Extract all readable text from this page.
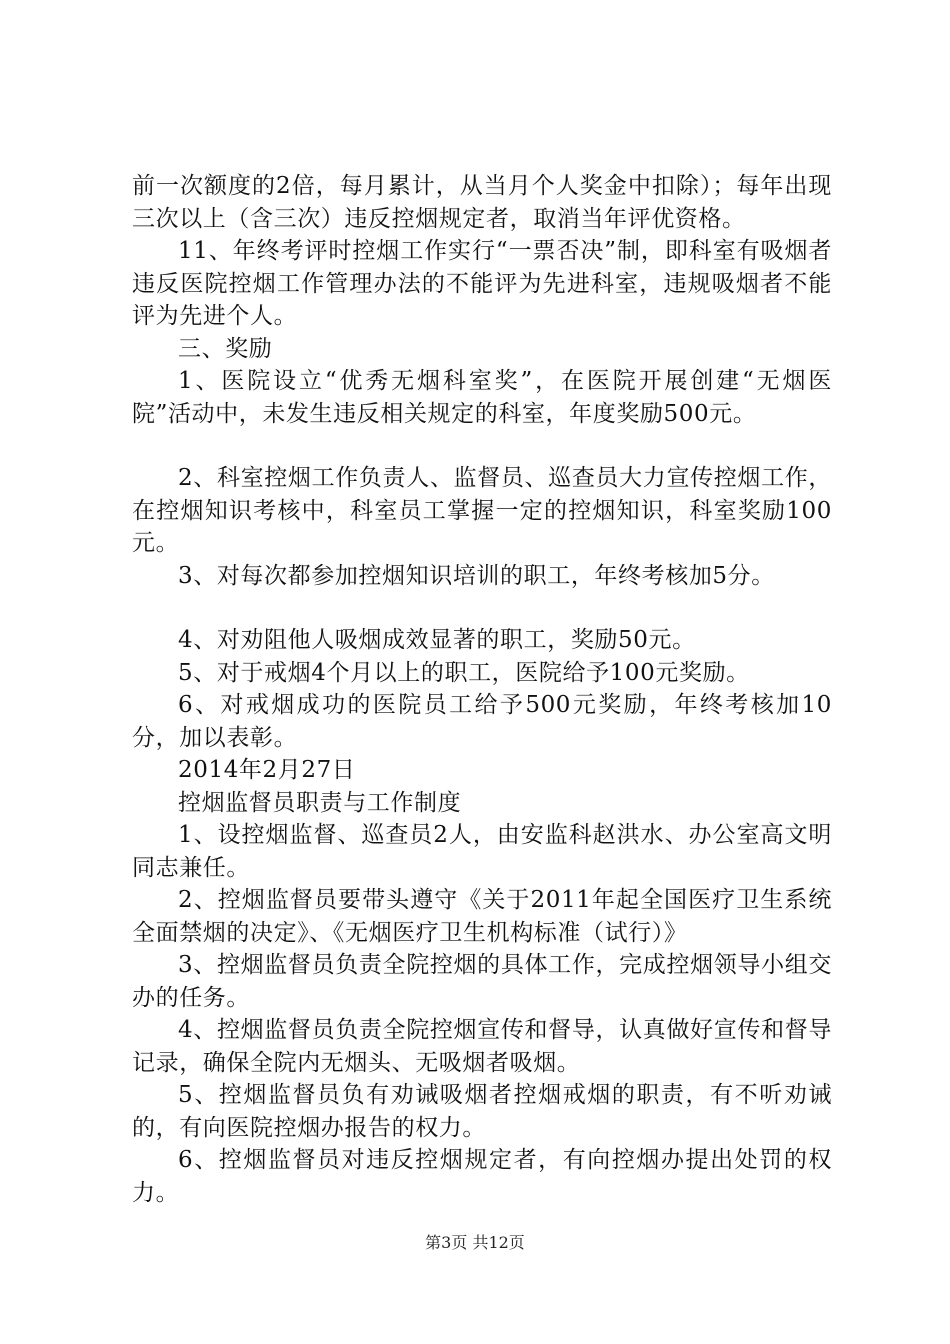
前一次额度的2倍，每月累计，从当月个人奖金中扣除）；每年出现三次以上（含三次）违反控烟规定者，取消当年评优资格。

11、年终考评时控烟工作实行“一票否决”制，即科室有吸烟者违反医院控烟工作管理办法的不能评为先进科室，违规吸烟者不能评为先进个人。

三、奖励

1、医院设立“优秀无烟科室奖”，在医院开展创建“无烟医院”活动中，未发生违反相关规定的科室，年度奖励500元。

2、科室控烟工作负责人、监督员、巡查员大力宣传控烟工作，在控烟知识考核中，科室员工掌握一定的控烟知识，科室奖励100元。

3、对每次都参加控烟知识培训的职工，年终考核加5分。

4、对劝阻他人吸烟成效显著的职工，奖励50元。

5、对于戒烟4个月以上的职工，医院给予100元奖励。

6、对戒烟成功的医院员工给予500元奖励，年终考核加10分，加以表彰。

2014年2月27日

控烟监督员职责与工作制度

1、设控烟监督、巡查员2人，由安监科赵洪水、办公室高文明同志兼任。

2、控烟监督员要带头遵守《关于2011年起全国医疗卫生系统全面禁烟的决定》、《无烟医疗卫生机构标准（试行）》

3、控烟监督员负责全院控烟的具体工作，完成控烟领导小组交办的任务。

4、控烟监督员负责全院控烟宣传和督导，认真做好宣传和督导记录，确保全院内无烟头、无吸烟者吸烟。

5、控烟监督员负有劝诫吸烟者控烟戒烟的职责，有不听劝诫的，有向医院控烟办报告的权力。

6、控烟监督员对违反控烟规定者，有向控烟办提出处罚的权力。

第3页 共12页
